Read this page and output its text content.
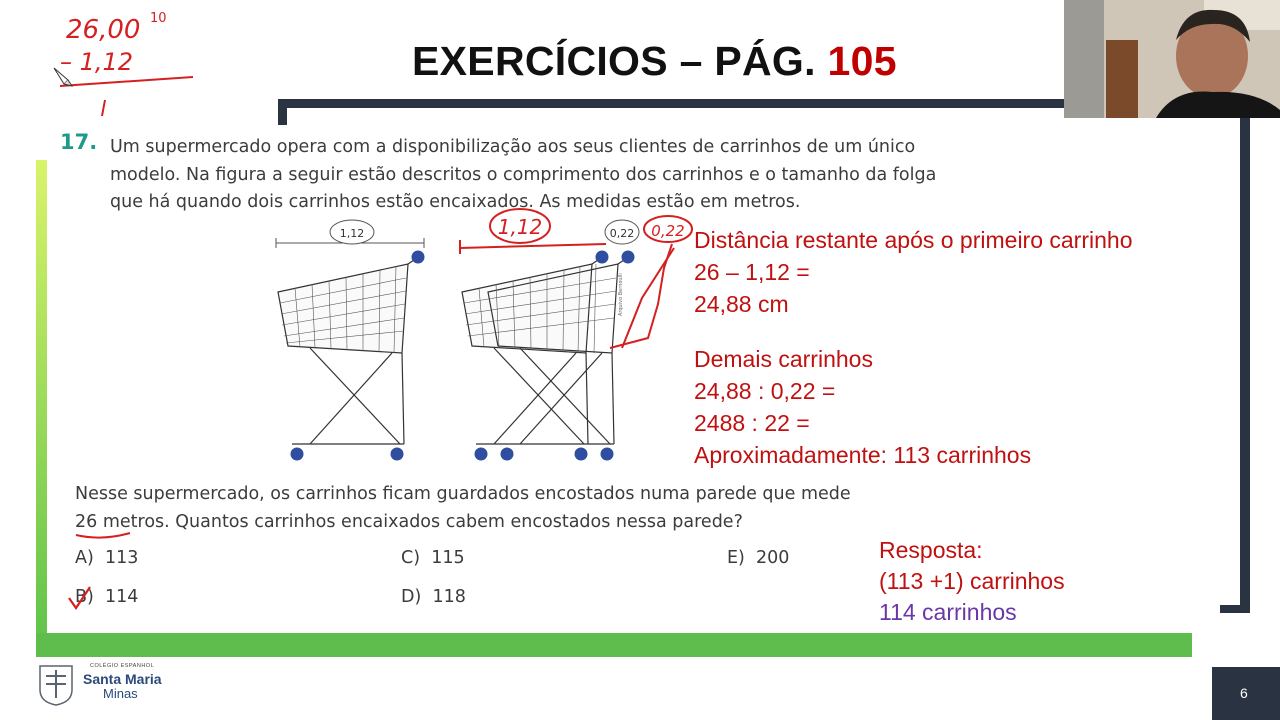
EXERCÍCIOS – PÁG. 105
26,00 10
– 1,12
17. Um supermercado opera com a disponibilização aos seus clientes de carrinhos de um único
modelo. Na figura a seguir estão descritos o comprimento dos carrinhos e o tamanho da folga
que há quando dois carrinhos estão encaixados. As medidas estão em metros.
1,12	0,22
Arquivo Bernoulli
1,12	0,22 Distância restante após o primeiro carrinho
26 – 1,12 =
24,88 cm
Demais carrinhos
24,88 : 0,22 =
2488 : 22 =
Aproximadamente: 113 carrinhos
Nesse supermercado, os carrinhos ficam guardados encostados numa parede que mede
26 metros. Quantos carrinhos encaixados cabem encostados nessa parede?
A) 113
B) 114
C) 115
D) 118
E) 200	Resposta:
(113 +1) carrinhos
114 carrinhos
COLÉGIO ESPANHOL
Santa Maria
Minas	6
